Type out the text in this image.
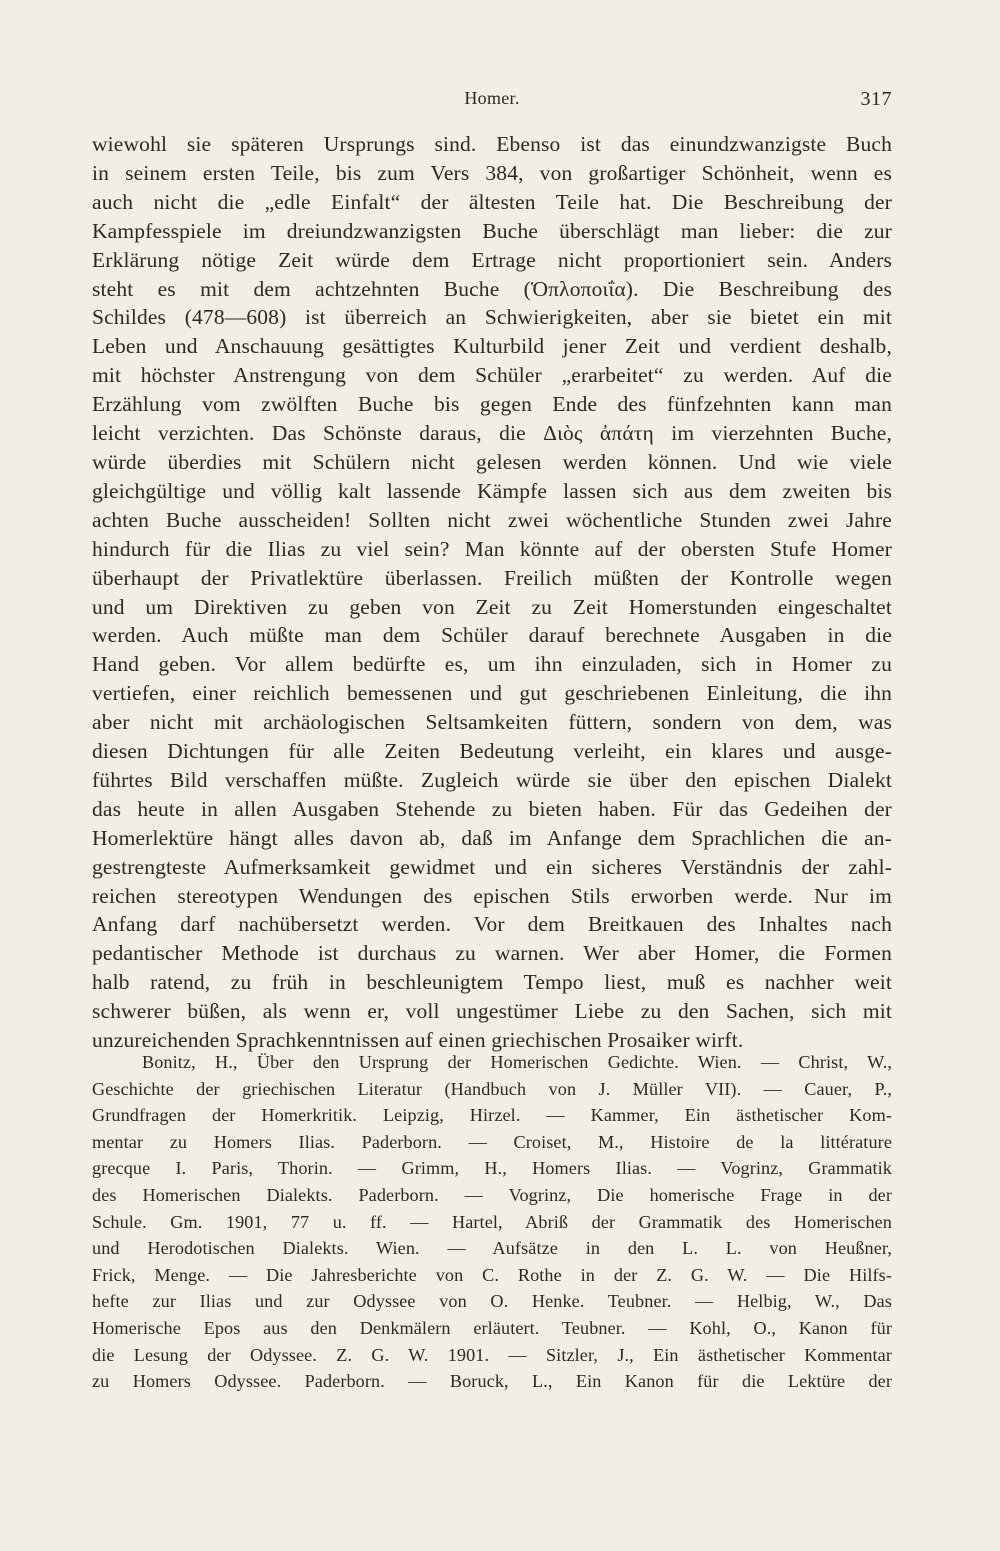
Homer.	317
wiewohl sie späteren Ursprungs sind. Ebenso ist das einundzwanzigste Buch
in seinem ersten Teile, bis zum Vers 384, von großartiger Schönheit, wenn es
auch nicht die „edle Einfalt“ der ältesten Teile hat. Die Beschreibung der
Kampfesspiele im dreiundzwanzigsten Buche überschlägt man lieber: die zur
Erklärung nötige Zeit würde dem Ertrage nicht proportioniert sein. Anders
steht es mit dem achtzehnten Buche (Ὁπλοποιΐα). Die Beschreibung des
Schildes (478—608) ist überreich an Schwierigkeiten, aber sie bietet ein mit
Leben und Anschauung gesättigtes Kulturbild jener Zeit und verdient deshalb,
mit höchster Anstrengung von dem Schüler „erarbeitet“ zu werden. Auf die
Erzählung vom zwölften Buche bis gegen Ende des fünfzehnten kann man
leicht verzichten. Das Schönste daraus, die Διὸς ἀπάτη im vierzehnten Buche,
würde überdies mit Schülern nicht gelesen werden können. Und wie viele
gleichgültige und völlig kalt lassende Kämpfe lassen sich aus dem zweiten bis
achten Buche ausscheiden! Sollten nicht zwei wöchentliche Stunden zwei Jahre
hindurch für die Ilias zu viel sein? Man könnte auf der obersten Stufe Homer
überhaupt der Privatlektüre überlassen. Freilich müßten der Kontrolle wegen
und um Direktiven zu geben von Zeit zu Zeit Homerstunden eingeschaltet
werden. Auch müßte man dem Schüler darauf berechnete Ausgaben in die
Hand geben. Vor allem bedürfte es, um ihn einzuladen, sich in Homer zu
vertiefen, einer reichlich bemessenen und gut geschriebenen Einleitung, die ihn
aber nicht mit archäologischen Seltsamkeiten füttern, sondern von dem, was
diesen Dichtungen für alle Zeiten Bedeutung verleiht, ein klares und ausge-
führtes Bild verschaffen müßte. Zugleich würde sie über den epischen Dialekt
das heute in allen Ausgaben Stehende zu bieten haben. Für das Gedeihen der
Homerlektüre hängt alles davon ab, daß im Anfange dem Sprachlichen die an-
gestrengteste Aufmerksamkeit gewidmet und ein sicheres Verständnis der zahl-
reichen stereotypen Wendungen des epischen Stils erworben werde. Nur im
Anfang darf nachübersetzt werden. Vor dem Breitkauen des Inhaltes nach
pedantischer Methode ist durchaus zu warnen. Wer aber Homer, die Formen
halb ratend, zu früh in beschleunigtem Tempo liest, muß es nachher weit
schwerer büßen, als wenn er, voll ungestümer Liebe zu den Sachen, sich mit
unzureichenden Sprachkenntnissen auf einen griechischen Prosaiker wirft.
Bonitz, H., Über den Ursprung der Homerischen Gedichte. Wien. — Christ, W.,
Geschichte der griechischen Literatur (Handbuch von J. Müller VII). — Cauer, P.,
Grundfragen der Homerkritik. Leipzig, Hirzel. — Kammer, Ein ästhetischer Kom-
mentar zu Homers Ilias. Paderborn. — Croiset, M., Histoire de la littérature
grecque I. Paris, Thorin. — Grimm, H., Homers Ilias. — Vogrinz, Grammatik
des Homerischen Dialekts. Paderborn. — Vogrinz, Die homerische Frage in der
Schule. Gm. 1901, 77 u. ff. — Hartel, Abriß der Grammatik des Homerischen
und Herodotischen Dialekts. Wien. — Aufsätze in den L. L. von Heußner,
Frick, Menge. — Die Jahresberichte von C. Rothe in der Z. G. W. — Die Hilfs-
hefte zur Ilias und zur Odyssee von O. Henke. Teubner. — Helbig, W., Das
Homerische Epos aus den Denkmälern erläutert. Teubner. — Kohl, O., Kanon für
die Lesung der Odyssee. Z. G. W. 1901. — Sitzler, J., Ein ästhetischer Kommentar
zu Homers Odyssee. Paderborn. — Boruck, L., Ein Kanon für die Lektüre der
